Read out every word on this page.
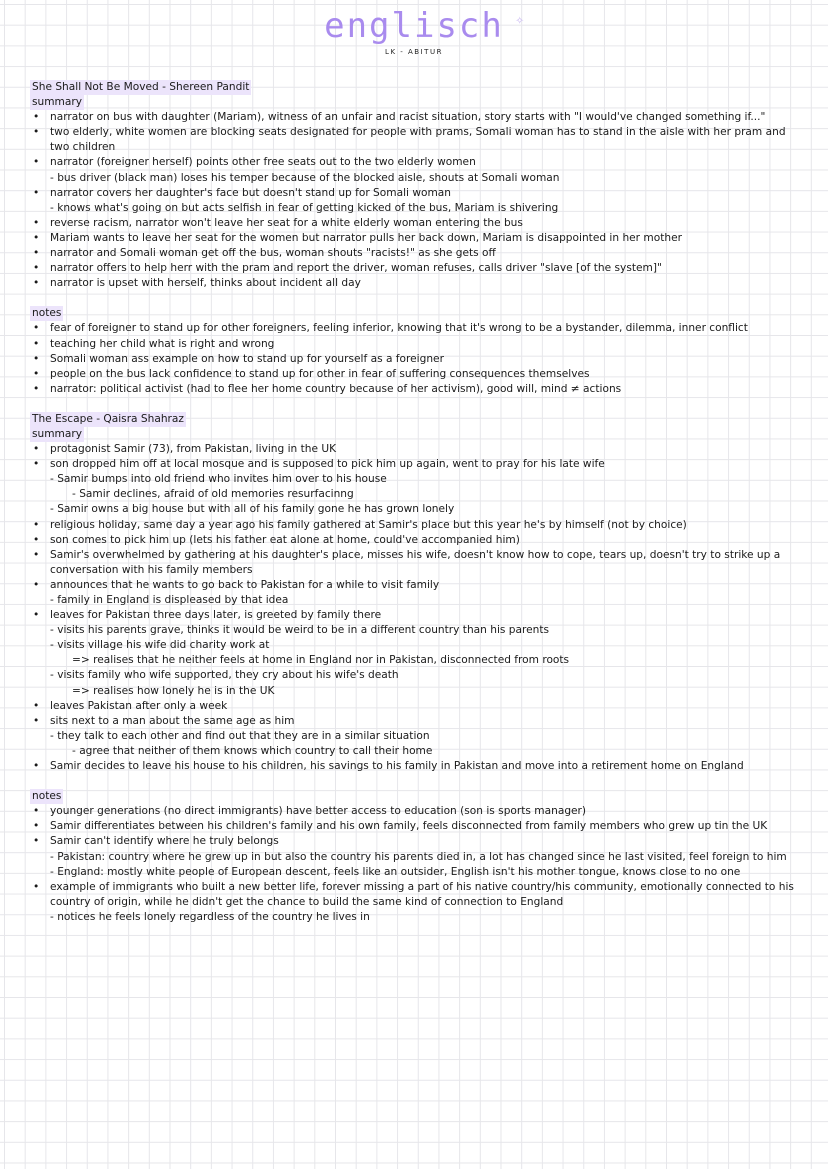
englisch ✧
LK - ABITUR
She Shall Not Be Moved - Shereen Pandit
summary
• narrator on bus with daughter (Mariam), witness of an unfair and racist situation, story starts with "I would've changed something if..."
• two elderly, white women are blocking seats designated for people with prams, Somali woman has to stand in the aisle with her pram and two children
• narrator (foreigner herself) points other free seats out to the two elderly women
- bus driver (black man) loses his temper because of the blocked aisle, shouts at Somali woman
• narrator covers her daughter's face but doesn't stand up for Somali woman
- knows what's going on but acts selfish in fear of getting kicked of the bus, Mariam is shivering
• reverse racism, narrator won't leave her seat for a white elderly woman entering the bus
• Mariam wants to leave her seat for the women but narrator pulls her back down, Mariam is disappointed in her mother
• narrator and Somali woman get off the bus, woman shouts "racists!" as she gets off
• narrator offers to help herr with the pram and report the driver, woman refuses, calls driver "slave [of the system]"
• narrator is upset with herself, thinks about incident all day
notes
• fear of foreigner to stand up for other foreigners, feeling inferior, knowing that it's wrong to be a bystander, dilemma, inner conflict
• teaching her child what is right and wrong
• Somali woman ass example on how to stand up for yourself as a foreigner
• people on the bus lack confidence to stand up for other in fear of suffering consequences themselves
• narrator: political activist (had to flee her home country because of her activism), good will, mind ≠ actions
The Escape - Qaisra Shahraz
summary
• protagonist Samir (73), from Pakistan, living in the UK
• son dropped him off at local mosque and is supposed to pick him up again, went to pray for his late wife
- Samir bumps into old friend who invites him over to his house
- Samir declines, afraid of old memories resurfacinng
- Samir owns a big house but with all of his family gone he has grown lonely
• religious holiday, same day a year ago his family gathered at Samir's place but this year he's by himself (not by choice)
• son comes to pick him up (lets his father eat alone at home, could've accompanied him)
• Samir's overwhelmed by gathering at his daughter's place, misses his wife, doesn't know how to cope, tears up, doesn't try to strike up a conversation with his family members
• announces that he wants to go back to Pakistan for a while to visit family
- family in England is displeased by that idea
• leaves for Pakistan three days later, is greeted by family there
- visits his parents grave, thinks it would be weird to be in a different country than his parents
- visits village his wife did charity work at
=> realises that he neither feels at home in England nor in Pakistan, disconnected from roots
- visits family who wife supported, they cry about his wife's death
=> realises how lonely he is in the UK
• leaves Pakistan after only a week
• sits next to a man about the same age as him
- they talk to each other and find out that they are in a similar situation
- agree that neither of them knows which country to call their home
• Samir decides to leave his house to his children, his savings to his family in Pakistan and move into a retirement home on England
notes
• younger generations (no direct immigrants) have better access to education (son is sports manager)
• Samir differentiates between his children's family and his own family, feels disconnected from family members who grew up tin the UK
• Samir can't identify where he truly belongs
- Pakistan: country where he grew up in but also the country his parents died in, a lot has changed since he last visited, feel foreign to him
- England: mostly white people of European descent, feels like an outsider, English isn't his mother tongue, knows close to no one
• example of immigrants who built a new better life, forever missing a part of his native country/his community, emotionally connected to his country of origin, while he didn't get the chance to build the same kind of connection to England
- notices he feels lonely regardless of the country he lives in
